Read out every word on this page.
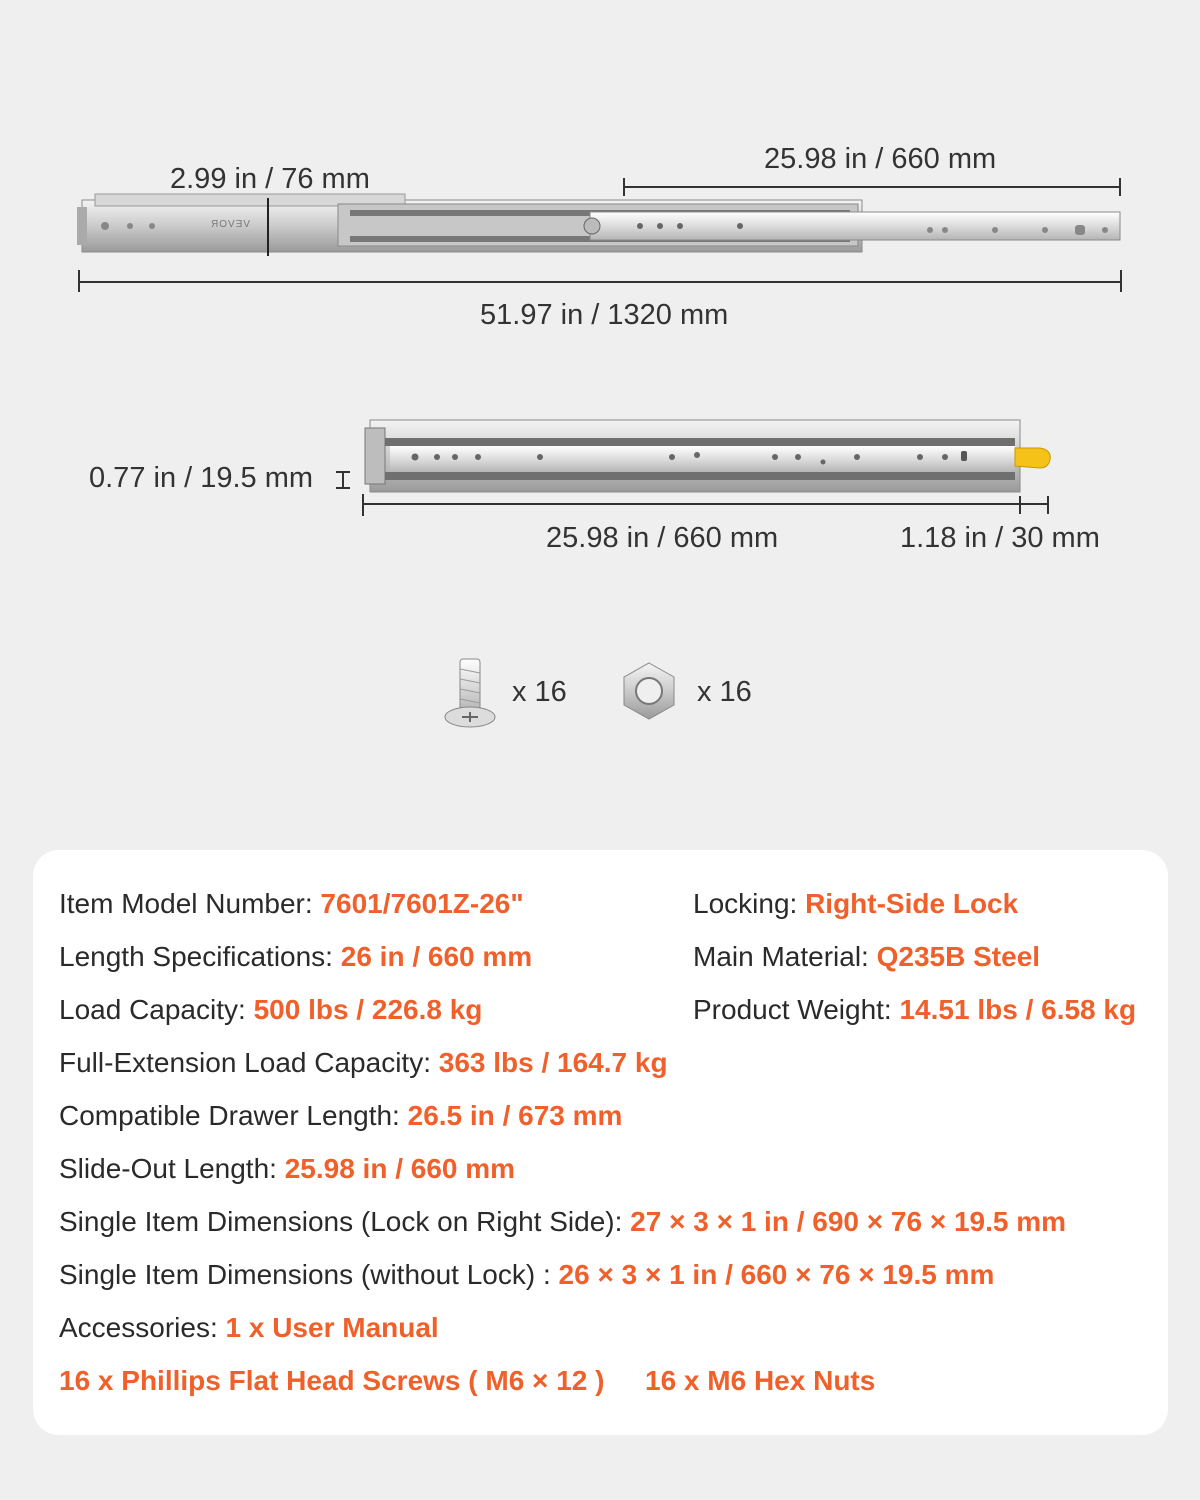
2.99 in / 76 mm
25.98 in / 660 mm
51.97 in / 1320 mm
VEVOR
0.77 in / 19.5 mm
25.98 in / 660 mm	1.18 in / 30 mm
x 16	x 16
Item Model Number: 7601/7601Z-26"
Length Specifications: 26 in / 660 mm
Load Capacity: 500 lbs / 226.8 kg
Full-Extension Load Capacity: 363 lbs / 164.7 kg
Compatible Drawer Length: 26.5 in / 673 mm
Slide-Out Length: 25.98 in / 660 mm
Single Item Dimensions (Lock on Right Side): 27 × 3 × 1 in / 690 × 76 × 19.5 mm
Single Item Dimensions (without Lock) : 26 × 3 × 1 in / 660 × 76 × 19.5 mm
Accessories: 1 x User Manual
16 x Phillips Flat Head Screws ( M6 × 12 ) 16 x M6 Hex Nuts
Locking: Right-Side Lock
Main Material: Q235B Steel
Product Weight: 14.51 lbs / 6.58 kg
